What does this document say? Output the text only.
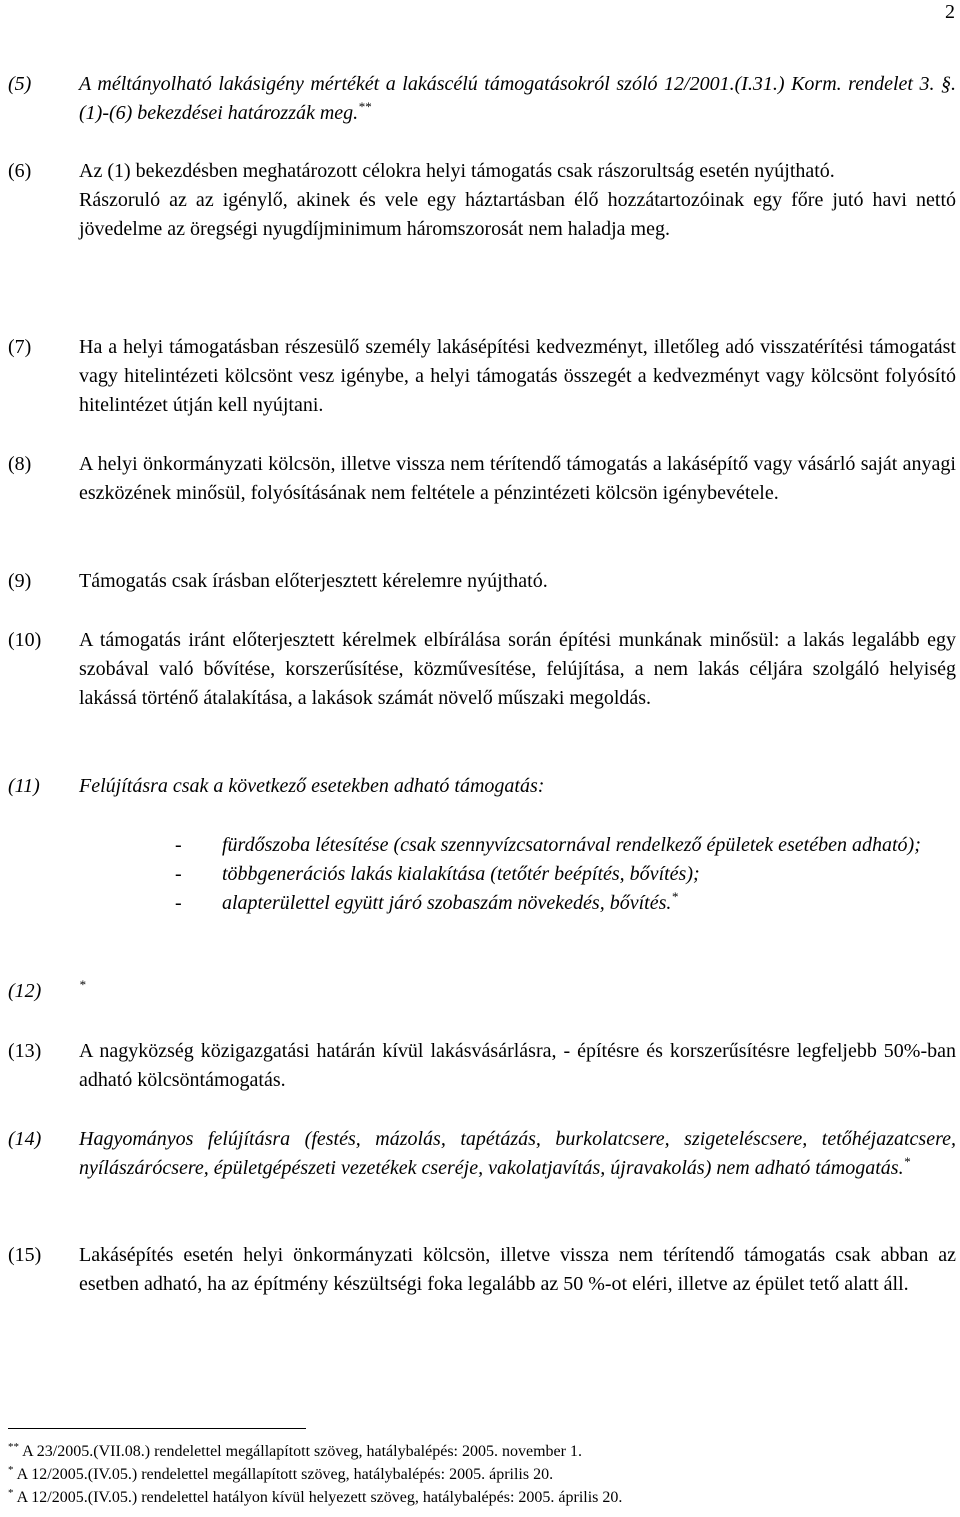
2
(5) A méltányolható lakásigény mértékét a lakáscélú támogatásokról szóló 12/2001.(I.31.) Korm. rendelet 3. §. (1)-(6) bekezdései határozzák meg.**
(6) Az (1) bekezdésben meghatározott célokra helyi támogatás csak rászorultság esetén nyújtható.
Rászoruló az az igénylő, akinek és vele egy háztartásban élő hozzátartozóinak egy főre jutó havi nettó jövedelme az öregségi nyugdíjminimum háromszorosát nem haladja meg.
(7) Ha a helyi támogatásban részesülő személy lakásépítési kedvezményt, illetőleg adó visszatérítési támogatást vagy hitelintézeti kölcsönt vesz igénybe, a helyi támogatás összegét a kedvezményt vagy kölcsönt folyósító hitelintézet útján kell nyújtani.
(8) A helyi önkormányzati kölcsön, illetve vissza nem térítendő támogatás a lakásépítő vagy vásárló saját anyagi eszközének minősül, folyósításának nem feltétele a pénzintézeti kölcsön igénybevétele.
(9) Támogatás csak írásban előterjesztett kérelemre nyújtható.
(10) A támogatás iránt előterjesztett kérelmek elbírálása során építési munkának minősül: a lakás legalább egy szobával való bővítése, korszerűsítése, közművesítése, felújítása, a nem lakás céljára szolgáló helyiség lakássá történő átalakítása, a lakások számát növelő műszaki megoldás.
(11) Felújításra csak a következő esetekben adható támogatás:
-	fürdőszoba létesítése (csak szennyvízcsatornával rendelkező épületek esetében adható);
-	többgenerációs lakás kialakítása (tetőtér beépítés, bővítés);
-	alapterülettel együtt járó szobaszám növekedés, bővítés.*
(12)	*
(13) A nagyközség közigazgatási határán kívül lakásvásárlásra, - építésre és korszerűsítésre legfeljebb 50%-ban adható kölcsöntámogatás.
(14) Hagyományos felújításra (festés, mázolás, tapétázás, burkolatcsere, szigeteléscsere, tetőhéjazatcsere, nyílászárócsere, épületgépészeti vezetékek cseréje, vakolatjavítás, újravakolás) nem adható támogatás.*
(15) Lakásépítés esetén helyi önkormányzati kölcsön, illetve vissza nem térítendő támogatás csak abban az esetben adható, ha az építmény készültségi foka legalább az 50 %-ot eléri, illetve az épület tető alatt áll.
** A 23/2005.(VII.08.) rendelettel megállapított szöveg, hatálybalépés: 2005. november 1.
* A 12/2005.(IV.05.) rendelettel megállapított szöveg, hatálybalépés: 2005. április 20.
* A 12/2005.(IV.05.) rendelettel hatályon kívül helyezett szöveg, hatálybalépés: 2005. április 20.
